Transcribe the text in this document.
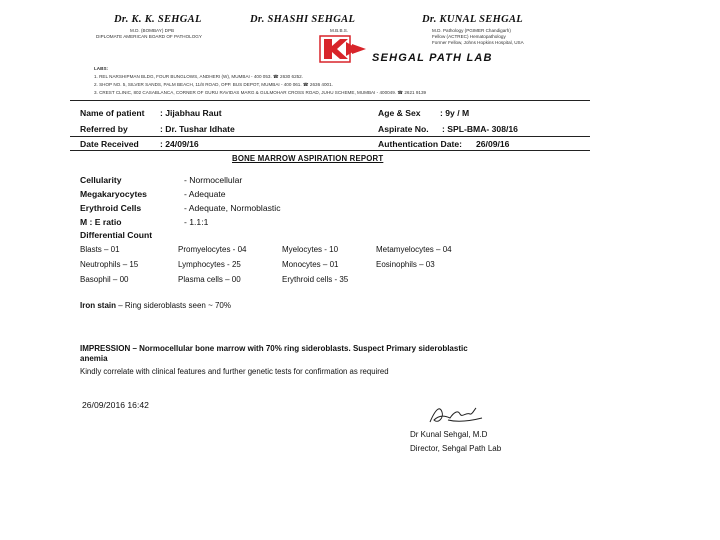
Dr. K. K. SEHGAL
M.D. (BOMBAY) DPB
DIPLOMATE AMERICAN BOARD OF PATHOLOGY
Dr. SHASHI SEHGAL
M.B.B.S.
Dr. KUNAL SEHGAL
M.D. Pathology (PGIMER Chandigarh)
Fellow (ACTREC) Hematopathology
Former Fellow, Johns Hopkins Hospital, USA
SEHGAL PATH LAB
LABS:
1. REL NARSHIPMAN BLDG, FOUR BUNGLOWS, ANDHERI (W), MUMBAI - 400 053. ☎ 2630 6252.
2. SHOP NO. 5, SILVER SANDS, PALM BEACH, 11/8 ROAD, OPP. BUS DEPOT, MUMBAI - 400 061. ☎ 2636 4001.
3. CREST CLINIC, 802 CASABLANCA, CORNER OF GURU RAVIDAS MARG & GULMOHAR CROSS ROAD, JUHU SCHEME, MUMBAI - 400049. ☎ 2621 9139
Name of patient : Jijabhau Raut	Age & Sex : 9y / M
Referred by	: Dr. Tushar Idhate	Aspirate No. : SPL-BMA- 308/16
Date Received : 24/09/16	Authentication Date: 26/09/16
BONE MARROW ASPIRATION REPORT
Cellularity	- Normocellular
Megakaryocytes	- Adequate
Erythroid Cells	- Adequate, Normoblastic
M : E ratio	- 1.1:1
Differential Count
Blasts – 01	Promyelocytes - 04	Myelocytes - 10	Metamyelocytes – 04
Neutrophils – 15	Lymphocytes - 25	Monocytes – 01	Eosinophils – 03
Basophil – 00	Plasma cells – 00	Erythroid cells - 35
Iron stain – Ring sideroblasts seen ~ 70%
IMPRESSION – Normocellular bone marrow with 70% ring sideroblasts. Suspect Primary sideroblastic
anemia
Kindly correlate with clinical features and further genetic tests for confirmation as required
26/09/2016 16:42
Dr Kunal Sehgal, M.D
Director, Sehgal Path Lab
